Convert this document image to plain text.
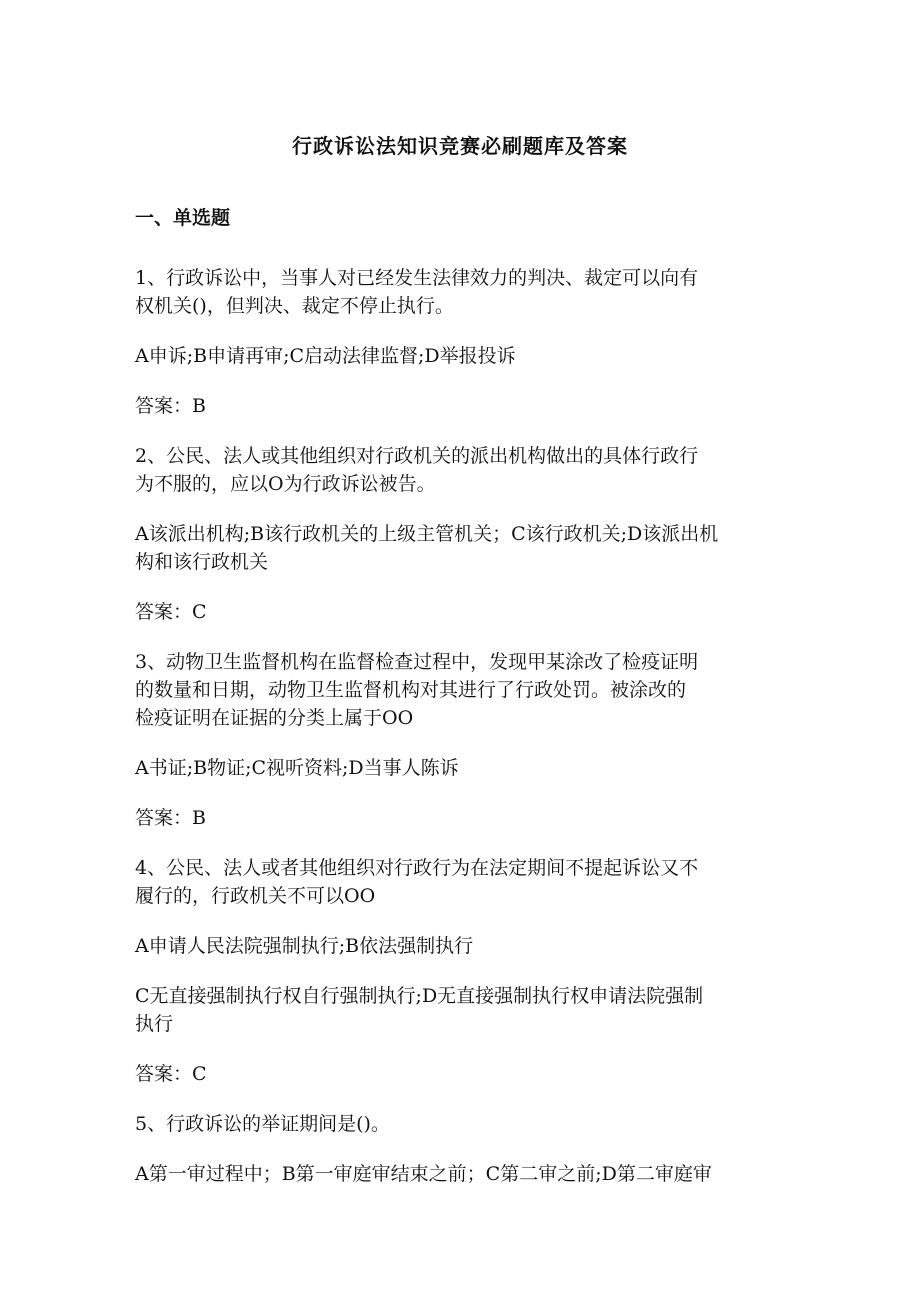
行政诉讼法知识竞赛必刷题库及答案
一、单选题
1、行政诉讼中，当事人对已经发生法律效力的判决、裁定可以向有
权机关()，但判决、裁定不停止执行。
A申诉;B申请再审;C启动法律监督;D举报投诉
答案：B
2、公民、法人或其他组织对行政机关的派出机构做出的具体行政行
为不服的，应以O为行政诉讼被告。
A该派出机构;B该行政机关的上级主管机关；C该行政机关;D该派出机
构和该行政机关
答案：C
3、动物卫生监督机构在监督检查过程中，发现甲某涂改了检疫证明
的数量和日期，动物卫生监督机构对其进行了行政处罚。被涂改的
检疫证明在证据的分类上属于OO
A书证;B物证;C视听资料;D当事人陈诉
答案：B
4、公民、法人或者其他组织对行政行为在法定期间不提起诉讼又不
履行的，行政机关不可以OO
A申请人民法院强制执行;B依法强制执行
C无直接强制执行权自行强制执行;D无直接强制执行权申请法院强制
执行
答案：C
5、行政诉讼的举证期间是()。
A第一审过程中；B第一审庭审结束之前；C第二审之前;D第二审庭审
